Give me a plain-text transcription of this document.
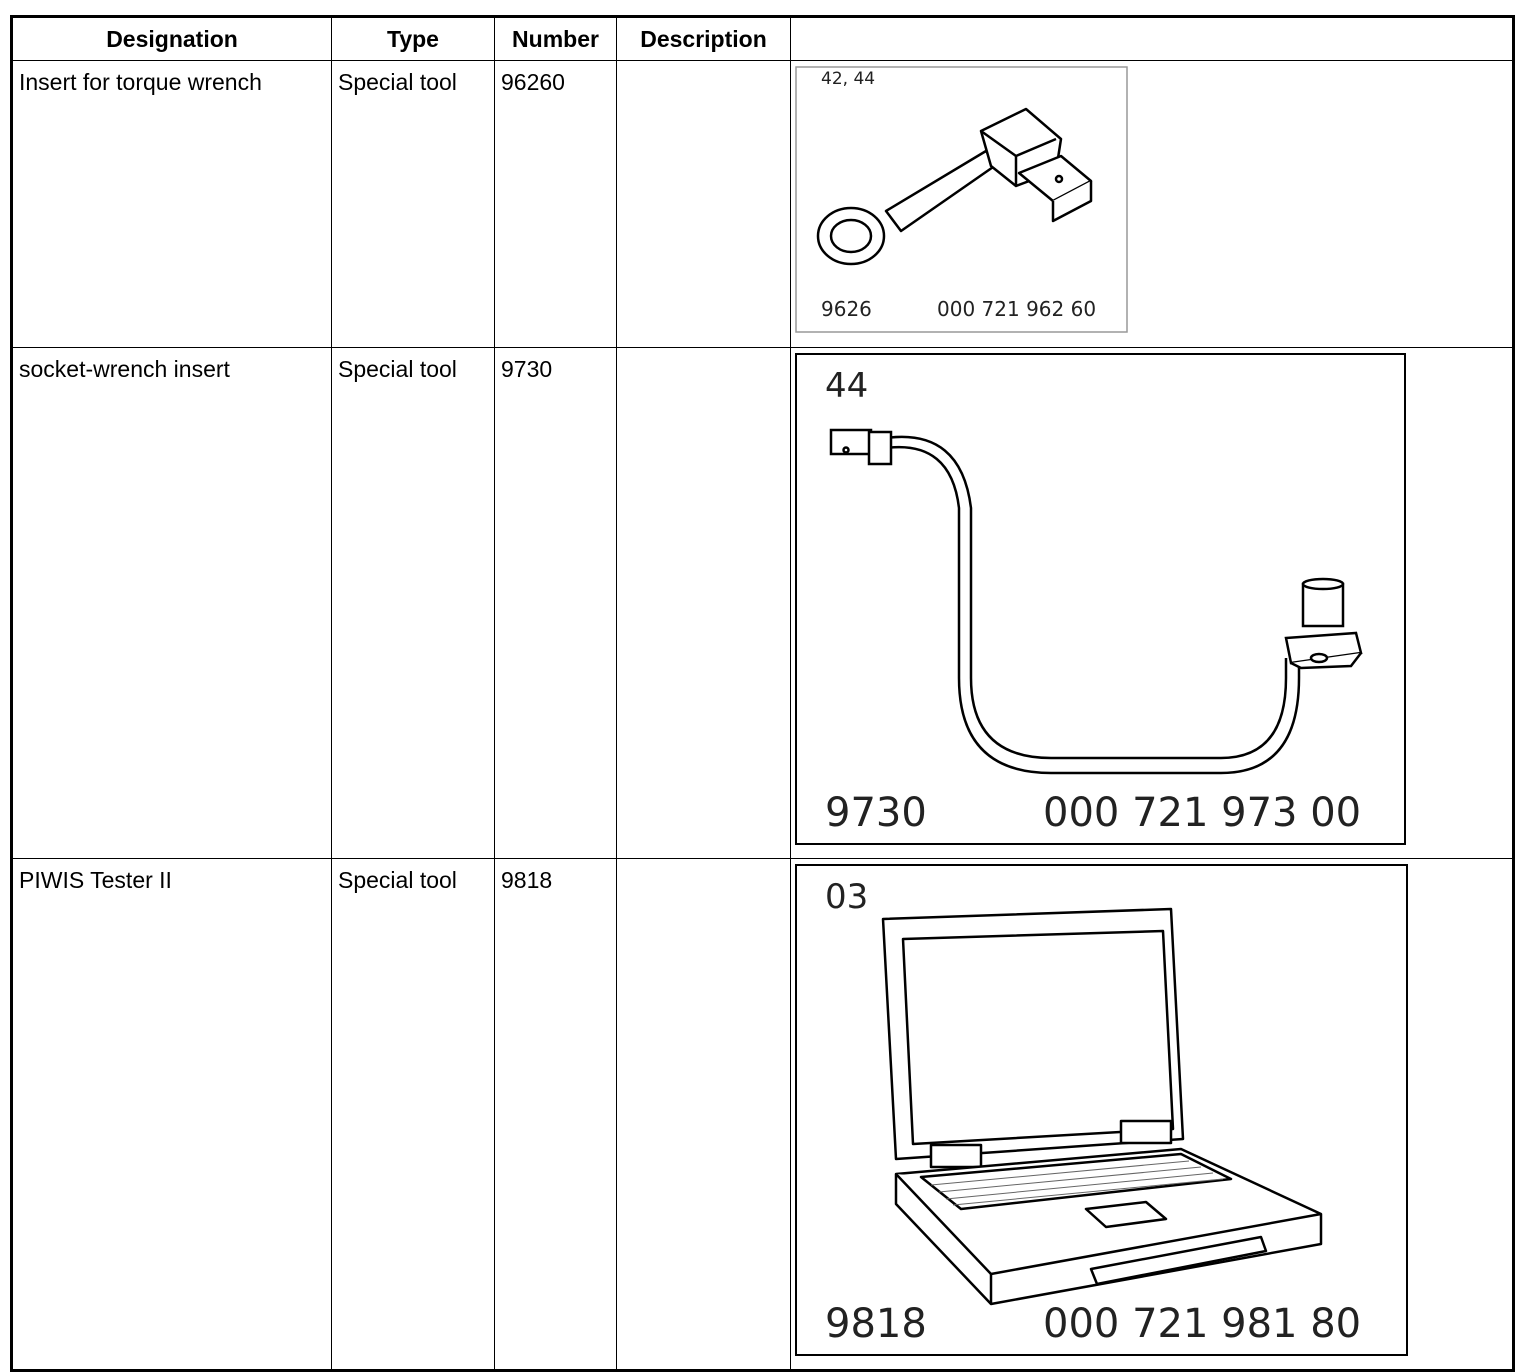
Designation	Type	Number	Description	
Insert for torque wrench	Special tool	96260		42, 44
9626 000 721 962 60

socket-wrench insert	Special tool	9730		44
9730 000 721 973 00

PIWIS Tester II	Special tool	9818		03
9818 000 721 981 80
